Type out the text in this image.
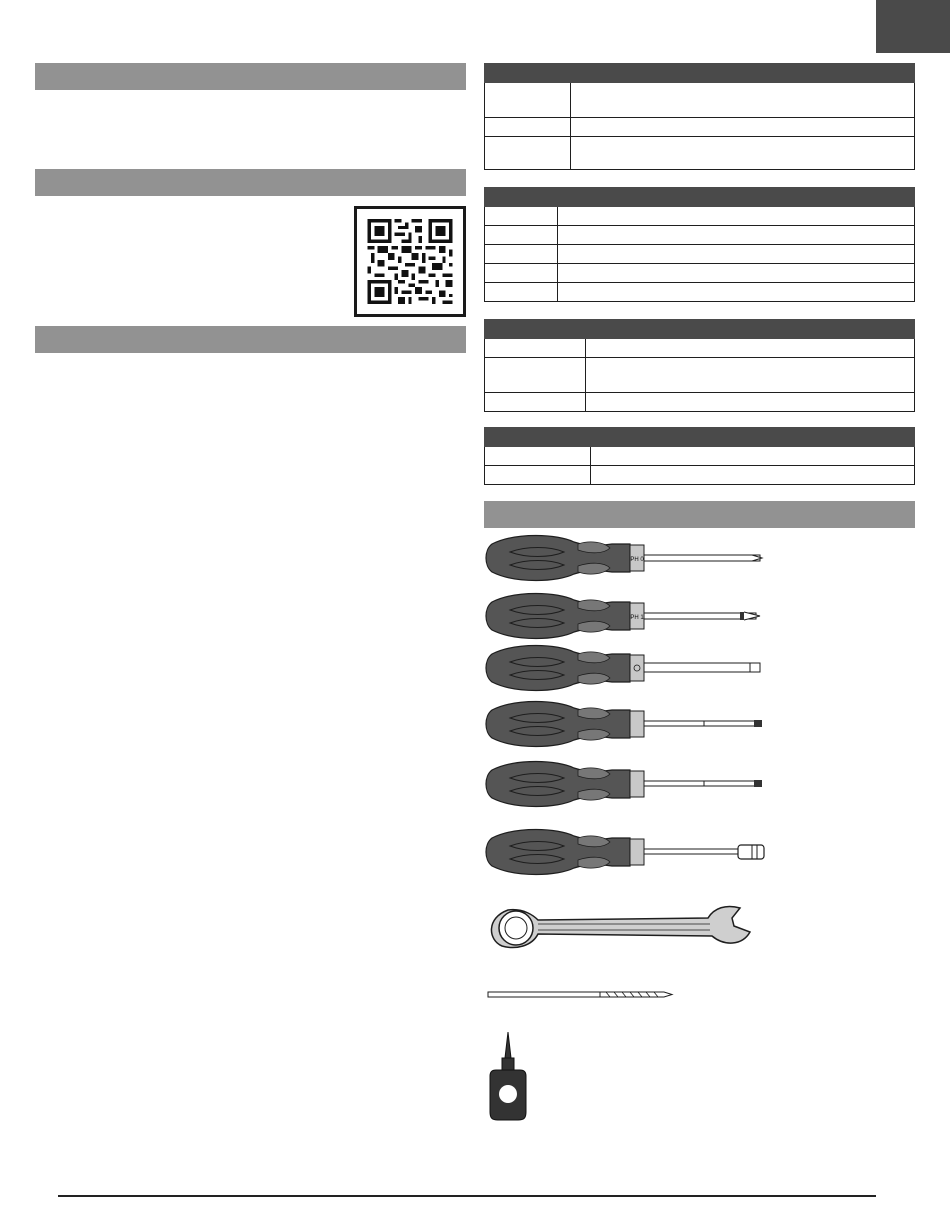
PH 0
PH 1
